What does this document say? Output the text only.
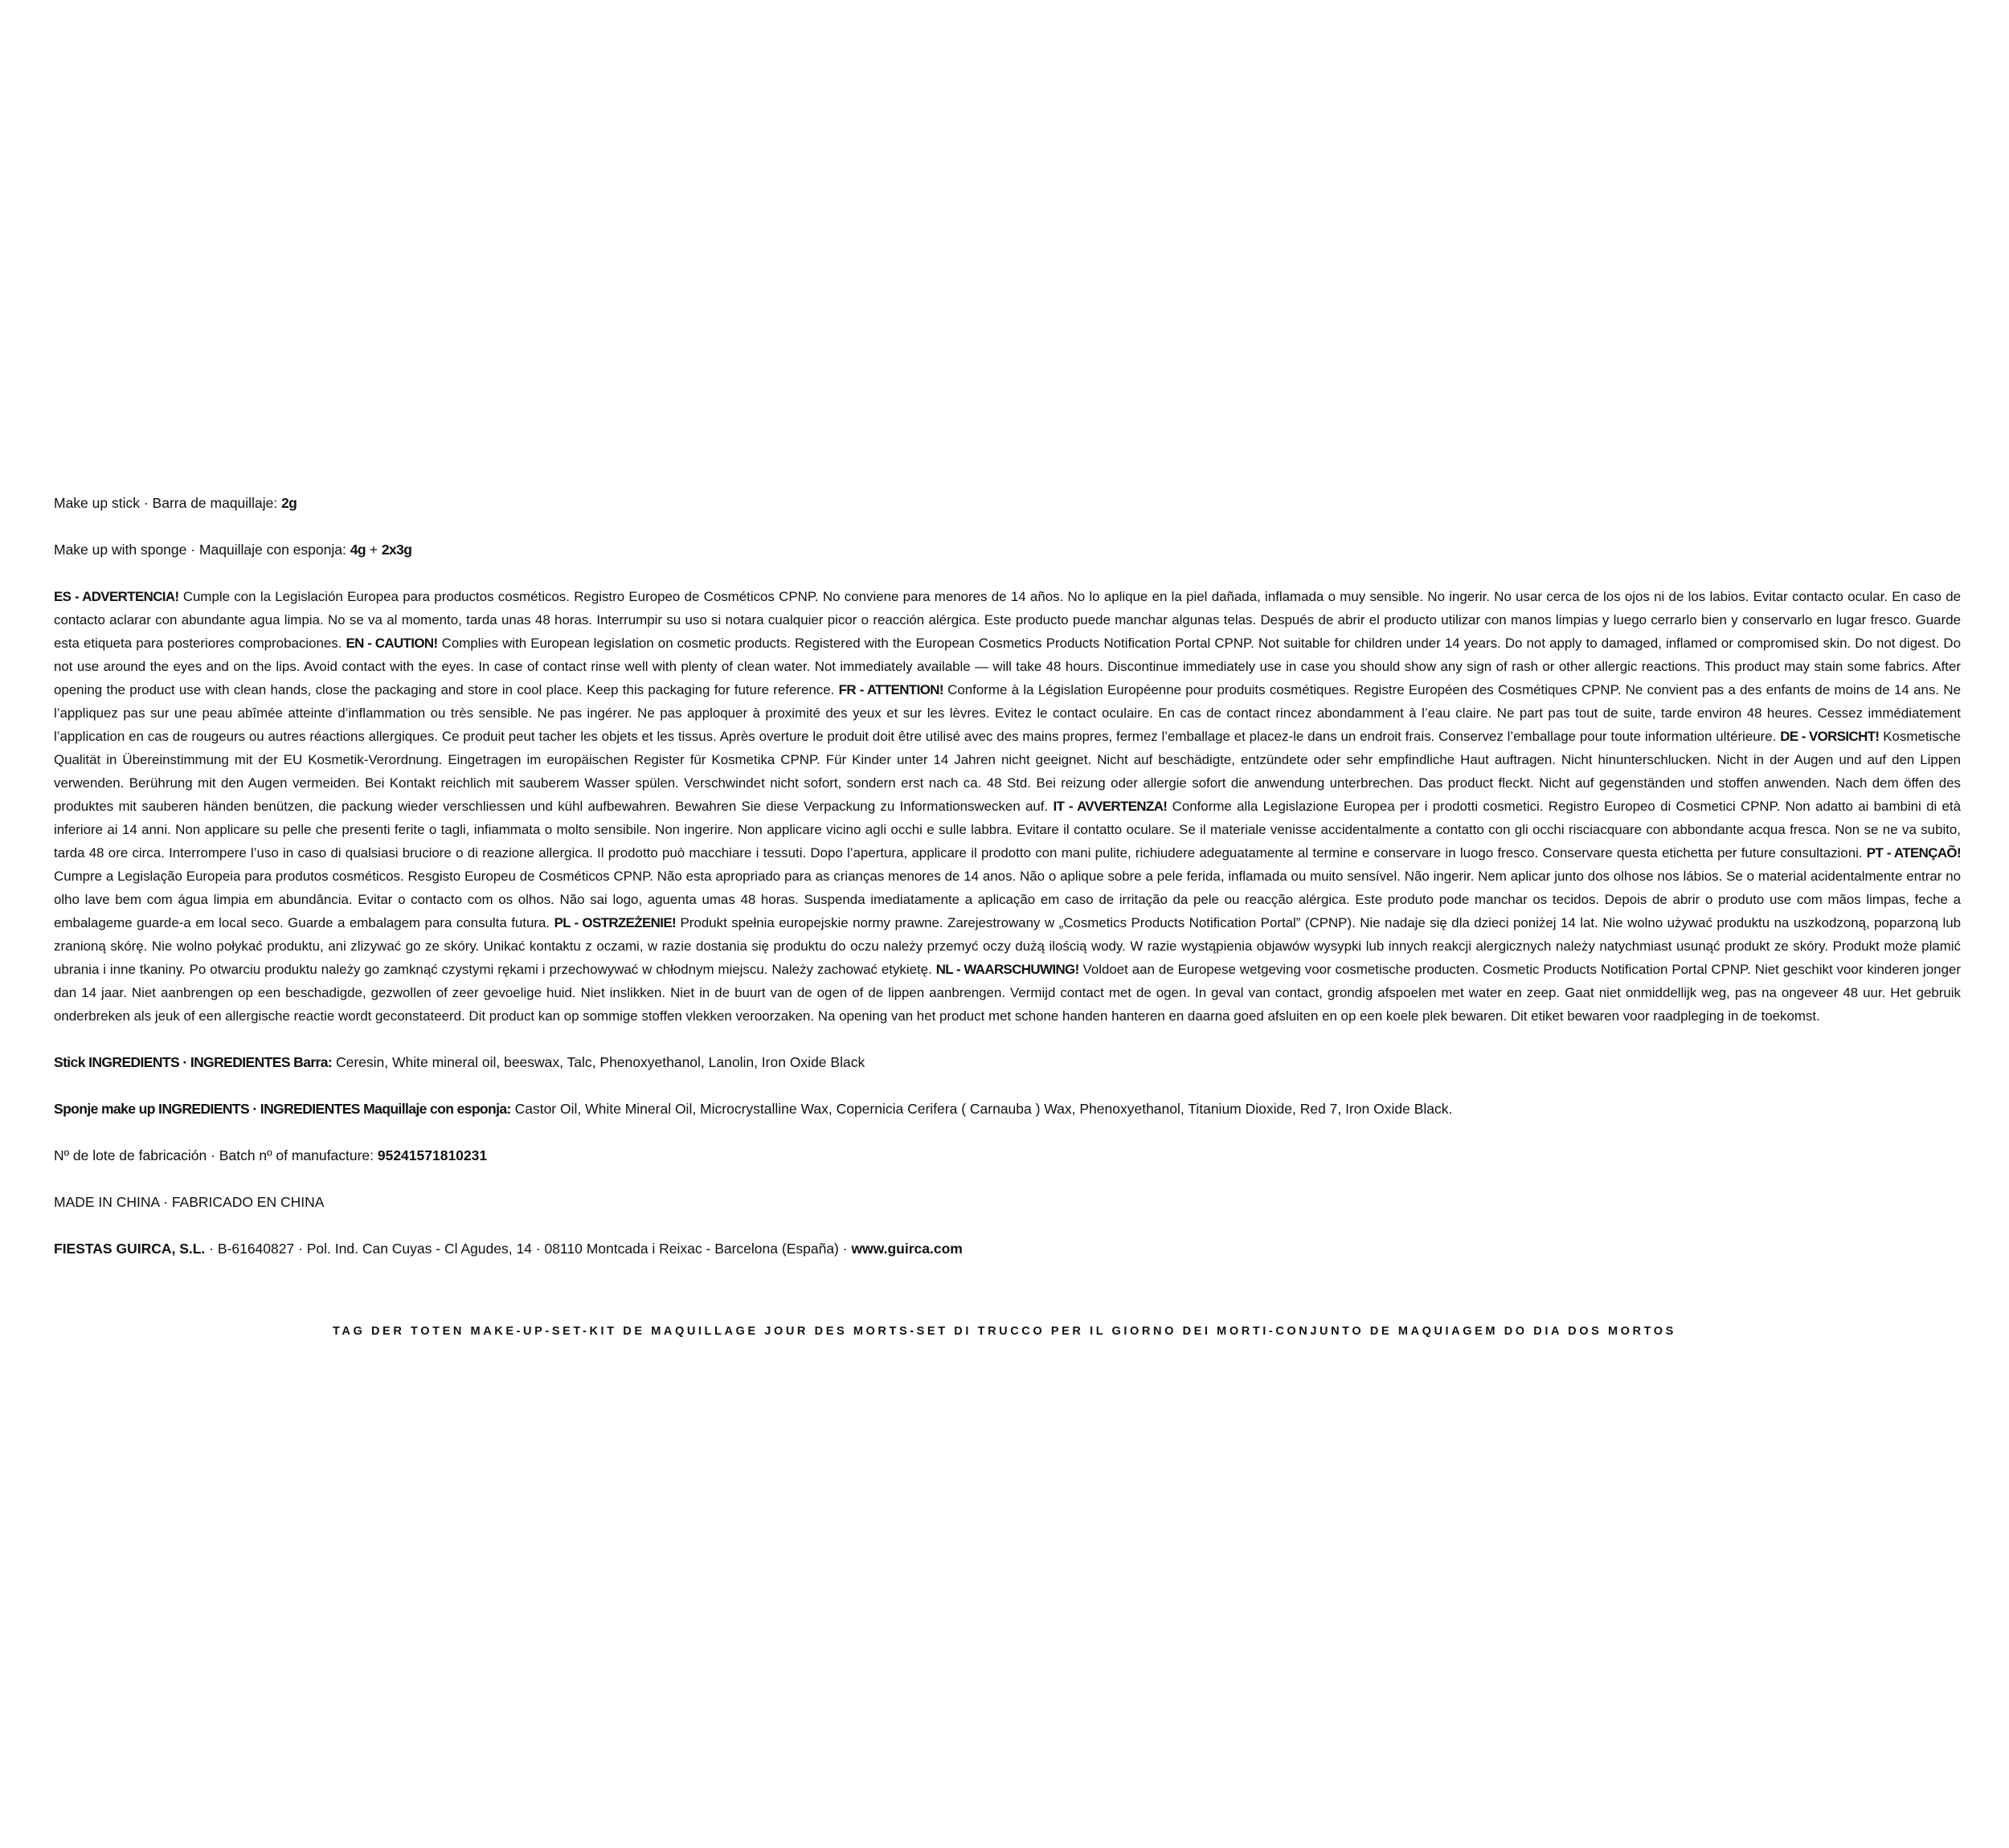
Make up stick · Barra de maquillaje: 2g

Make up with sponge · Maquillaje con esponja: 4g + 2x3g

ES - ADVERTENCIA! Cumple con la Legislación Europea para productos cosméticos. Registro Europeo de Cosméticos CPNP. No conviene para menores de 14 años. No lo aplique en la piel dañada, inflamada o muy sensible. No ingerir. No usar cerca de los ojos ni de los labios. Evitar contacto ocular. En caso de contacto aclarar con abundante agua limpia. No se va al momento, tarda unas 48 horas. Interrumpir su uso si notara cualquier picor o reacción alérgica. Este producto puede manchar algunas telas. Después de abrir el producto utilizar con manos limpias y luego cerrarlo bien y conservarlo en lugar fresco. Guarde esta etiqueta para posteriores comprobaciones. EN - CAUTION! Complies with European legislation on cosmetic products. Registered with the European Cosmetics Products Notification Portal CPNP. Not suitable for children under 14 years. Do not apply to damaged, inflamed or compromised skin. Do not digest. Do not use around the eyes and on the lips. Avoid contact with the eyes. In case of contact rinse well with plenty of clean water. Not immediately available — will take 48 hours. Discontinue immediately use in case you should show any sign of rash or other allergic reactions. This product may stain some fabrics. After opening the product use with clean hands, close the packaging and store in cool place. Keep this packaging for future reference. FR - ATTENTION! Conforme à la Législation Européenne pour produits cosmétiques. Registre Européen des Cosmétiques CPNP. Ne convient pas a des enfants de moins de 14 ans. Ne l’appliquez pas sur une peau abîmée atteinte d’inflammation ou très sensible. Ne pas ingérer. Ne pas apploquer à proximité des yeux et sur les lèvres. Evitez le contact oculaire. En cas de contact rincez abondamment à l’eau claire. Ne part pas tout de suite, tarde environ 48 heures. Cessez immédiatement l’application en cas de rougeurs ou autres réactions allergiques. Ce produit peut tacher les objets et les tissus. Après overture le produit doit être utilisé avec des mains propres, fermez l’emballage et placez-le dans un endroit frais. Conservez l’emballage pour toute information ultérieure. DE - VORSICHT! Kosmetische Qualität in Übereinstimmung mit der EU Kosmetik-Verordnung. Eingetragen im europäischen Register für Kosmetika CPNP. Für Kinder unter 14 Jahren nicht geeignet. Nicht auf beschädigte, entzündete oder sehr empfindliche Haut auftragen. Nicht hinunterschlucken. Nicht in der Augen und auf den Lippen verwenden. Berührung mit den Augen vermeiden. Bei Kontakt reichlich mit sauberem Wasser spülen. Verschwindet nicht sofort, sondern erst nach ca. 48 Std. Bei reizung oder allergie sofort die anwendung unterbrechen. Das product fleckt. Nicht auf gegenständen und stoffen anwenden. Nach dem öffen des produktes mit sauberen händen benützen, die packung wieder verschliessen und kühl aufbewahren. Bewahren Sie diese Verpackung zu Informationswecken auf. IT - AVVERTENZA! Conforme alla Legislazione Europea per i prodotti cosmetici. Registro Europeo di Cosmetici CPNP. Non adatto ai bambini di età inferiore ai 14 anni. Non applicare su pelle che presenti ferite o tagli, infiammata o molto sensibile. Non ingerire. Non applicare vicino agli occhi e sulle labbra. Evitare il contatto oculare. Se il materiale venisse accidentalmente a contatto con gli occhi risciacquare con abbondante acqua fresca. Non se ne va subito, tarda 48 ore circa. Interrompere l’uso in caso di qualsiasi bruciore o di reazione allergica. Il prodotto può macchiare i tessuti. Dopo l’apertura, applicare il prodotto con mani pulite, richiudere adeguatamente al termine e conservare in luogo fresco. Conservare questa etichetta per future consultazioni. PT - ATENÇAÕ! Cumpre a Legislação Europeia para produtos cosméticos. Resgisto Europeu de Cosméticos CPNP. Não esta apropriado para as crianças menores de 14 anos. Não o aplique sobre a pele ferida, inflamada ou muito sensível. Não ingerir. Nem aplicar junto dos olhose nos lábios. Se o material acidentalmente entrar no olho lave bem com água limpia em abundância. Evitar o contacto com os olhos. Não sai logo, aguenta umas 48 horas. Suspenda imediatamente a aplicação em caso de irritação da pele ou reacção alérgica. Este produto pode manchar os tecidos. Depois de abrir o produto use com mãos limpas, feche a embalageme guarde-a em local seco. Guarde a embalagem para consulta futura. PL - OSTRZEŻENIE! Produkt spełnia europejskie normy prawne. Zarejestrowany w „Cosmetics Products Notification Portal” (CPNP). Nie nadaje się dla dzieci poniżej 14 lat. Nie wolno używać produktu na uszkodzoną, poparzoną lub zranioną skórę. Nie wolno połykać produktu, ani zlizywać go ze skóry. Unikać kontaktu z oczami, w razie dostania się produktu do oczu należy przemyć oczy dużą ilością wody. W razie wystąpienia objawów wysypki lub innych reakcji alergicznych należy natychmiast usunąć produkt ze skóry. Produkt może plamić ubrania i inne tkaniny. Po otwarciu produktu należy go zamknąć czystymi rękami i przechowywać w chłodnym miejscu. Należy zachować etykietę. NL - WAARSCHUWING! Voldoet aan de Europese wetgeving voor cosmetische producten. Cosmetic Products Notification Portal CPNP. Niet geschikt voor kinderen jonger dan 14 jaar. Niet aanbrengen op een beschadigde, gezwollen of zeer gevoelige huid. Niet inslikken. Niet in de buurt van de ogen of de lippen aanbrengen. Vermijd contact met de ogen. In geval van contact, grondig afspoelen met water en zeep. Gaat niet onmiddellijk weg, pas na ongeveer 48 uur. Het gebruik onderbreken als jeuk of een allergische reactie wordt geconstateerd. Dit product kan op sommige stoffen vlekken veroorzaken. Na opening van het product met schone handen hanteren en daarna goed afsluiten en op een koele plek bewaren. Dit etiket bewaren voor raadpleging in de toekomst.

Stick INGREDIENTS · INGREDIENTES Barra: Ceresin, White mineral oil, beeswax, Talc, Phenoxyethanol, Lanolin, Iron Oxide Black

Sponje make up INGREDIENTS · INGREDIENTES Maquillaje con esponja: Castor Oil, White Mineral Oil, Microcrystalline Wax, Copernicia Cerifera ( Carnauba ) Wax, Phenoxyethanol, Titanium Dioxide, Red 7, Iron Oxide Black.

Nº de lote de fabricación · Batch nº of manufacture: 95241571810231

MADE IN CHINA · FABRICADO EN CHINA

FIESTAS GUIRCA, S.L. · B-61640827 · Pol. Ind. Can Cuyas - Cl Agudes, 14 · 08110 Montcada i Reixac - Barcelona (España) · www.guirca.com

TAG DER TOTEN MAKE-UP-SET-KIT DE MAQUILLAGE JOUR DES MORTS-SET DI TRUCCO PER IL GIORNO DEI MORTI-CONJUNTO DE MAQUIAGEM DO DIA DOS MORTOS
